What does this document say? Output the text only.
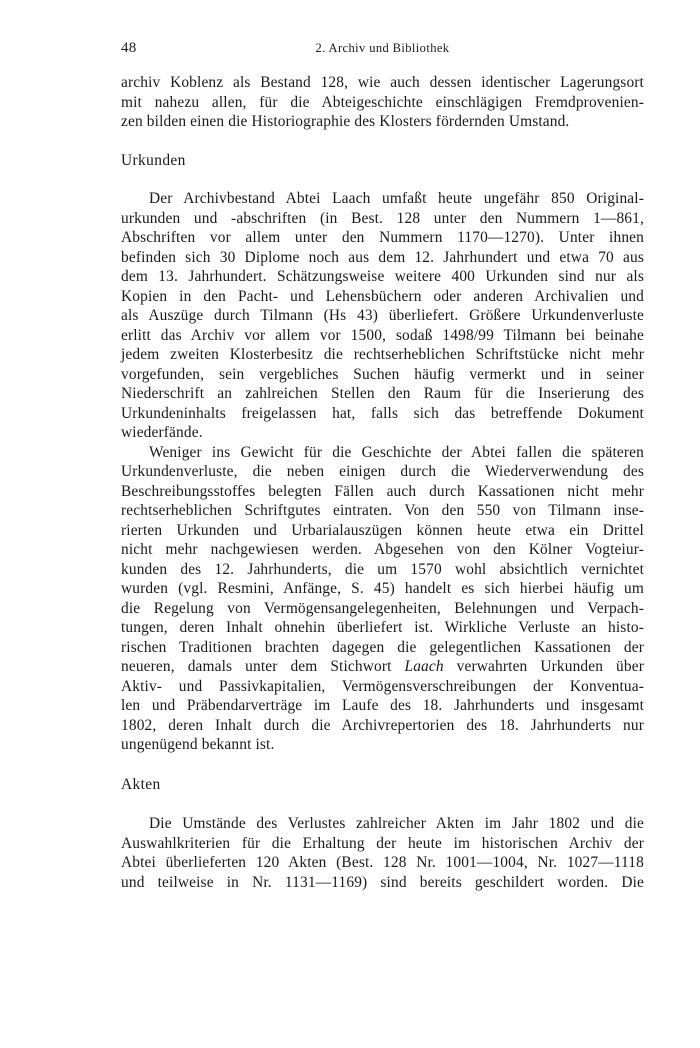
48	2. Archiv und Bibliothek

archiv Koblenz als Bestand 128, wie auch dessen identischer Lagerungsort
mit nahezu allen, für die Abteigeschichte einschlägigen Fremdprovenien-
zen bilden einen die Historiographie des Klosters fördernden Umstand.

Urkunden

Der Archivbestand Abtei Laach umfaßt heute ungefähr 850 Original-
urkunden und -abschriften (in Best. 128 unter den Nummern 1—861,
Abschriften vor allem unter den Nummern 1170—1270). Unter ihnen
befinden sich 30 Diplome noch aus dem 12. Jahrhundert und etwa 70 aus
dem 13. Jahrhundert. Schätzungsweise weitere 400 Urkunden sind nur als
Kopien in den Pacht- und Lehensbüchern oder anderen Archivalien und
als Auszüge durch Tilmann (Hs 43) überliefert. Größere Urkundenverluste
erlitt das Archiv vor allem vor 1500, sodaß 1498/99 Tilmann bei beinahe
jedem zweiten Klosterbesitz die rechtserheblichen Schriftstücke nicht mehr
vorgefunden, sein vergebliches Suchen häufig vermerkt und in seiner
Niederschrift an zahlreichen Stellen den Raum für die Inserierung des
Urkundeninhalts freigelassen hat, falls sich das betreffende Dokument
wiederfände.

Weniger ins Gewicht für die Geschichte der Abtei fallen die späteren
Urkundenverluste, die neben einigen durch die Wiederverwendung des
Beschreibungsstoffes belegten Fällen auch durch Kassationen nicht mehr
rechtserheblichen Schriftgutes eintraten. Von den 550 von Tilmann inse-
rierten Urkunden und Urbarialauszügen können heute etwa ein Drittel
nicht mehr nachgewiesen werden. Abgesehen von den Kölner Vogteiur-
kunden des 12. Jahrhunderts, die um 1570 wohl absichtlich vernichtet
wurden (vgl. Resmini, Anfänge, S. 45) handelt es sich hierbei häufig um
die Regelung von Vermögensangelegenheiten, Belehnungen und Verpach-
tungen, deren Inhalt ohnehin überliefert ist. Wirkliche Verluste an histo-
rischen Traditionen brachten dagegen die gelegentlichen Kassationen der
neueren, damals unter dem Stichwort Laach verwahrten Urkunden über
Aktiv- und Passivkapitalien, Vermögensverschreibungen der Konventua-
len und Präbendarverträge im Laufe des 18. Jahrhunderts und insgesamt
1802, deren Inhalt durch die Archivrepertorien des 18. Jahrhunderts nur
ungenügend bekannt ist.

Akten

Die Umstände des Verlustes zahlreicher Akten im Jahr 1802 und die
Auswahlkriterien für die Erhaltung der heute im historischen Archiv der
Abtei überlieferten 120 Akten (Best. 128 Nr. 1001—1004, Nr. 1027—1118
und teilweise in Nr. 1131—1169) sind bereits geschildert worden. Die
